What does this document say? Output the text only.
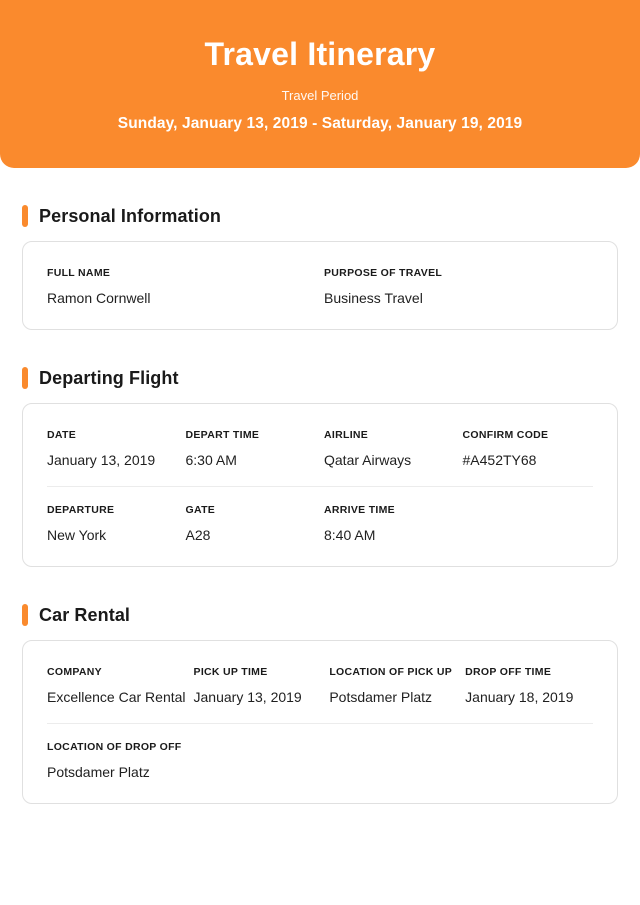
Travel Itinerary
Travel Period
Sunday, January 13, 2019 - Saturday, January 19, 2019
Personal Information
FULL NAME
Ramon Cornwell
PURPOSE OF TRAVEL
Business Travel
Departing Flight
DATE
January 13, 2019
DEPART TIME
6:30 AM
AIRLINE
Qatar Airways
CONFIRM CODE
#A452TY68
DEPARTURE
New York
GATE
A28
ARRIVE TIME
8:40 AM
Car Rental
COMPANY
Excellence Car Rental
PICK UP TIME
January 13, 2019
LOCATION OF PICK UP
Potsdamer Platz
DROP OFF TIME
January 18, 2019
LOCATION OF DROP OFF
Potsdamer Platz
